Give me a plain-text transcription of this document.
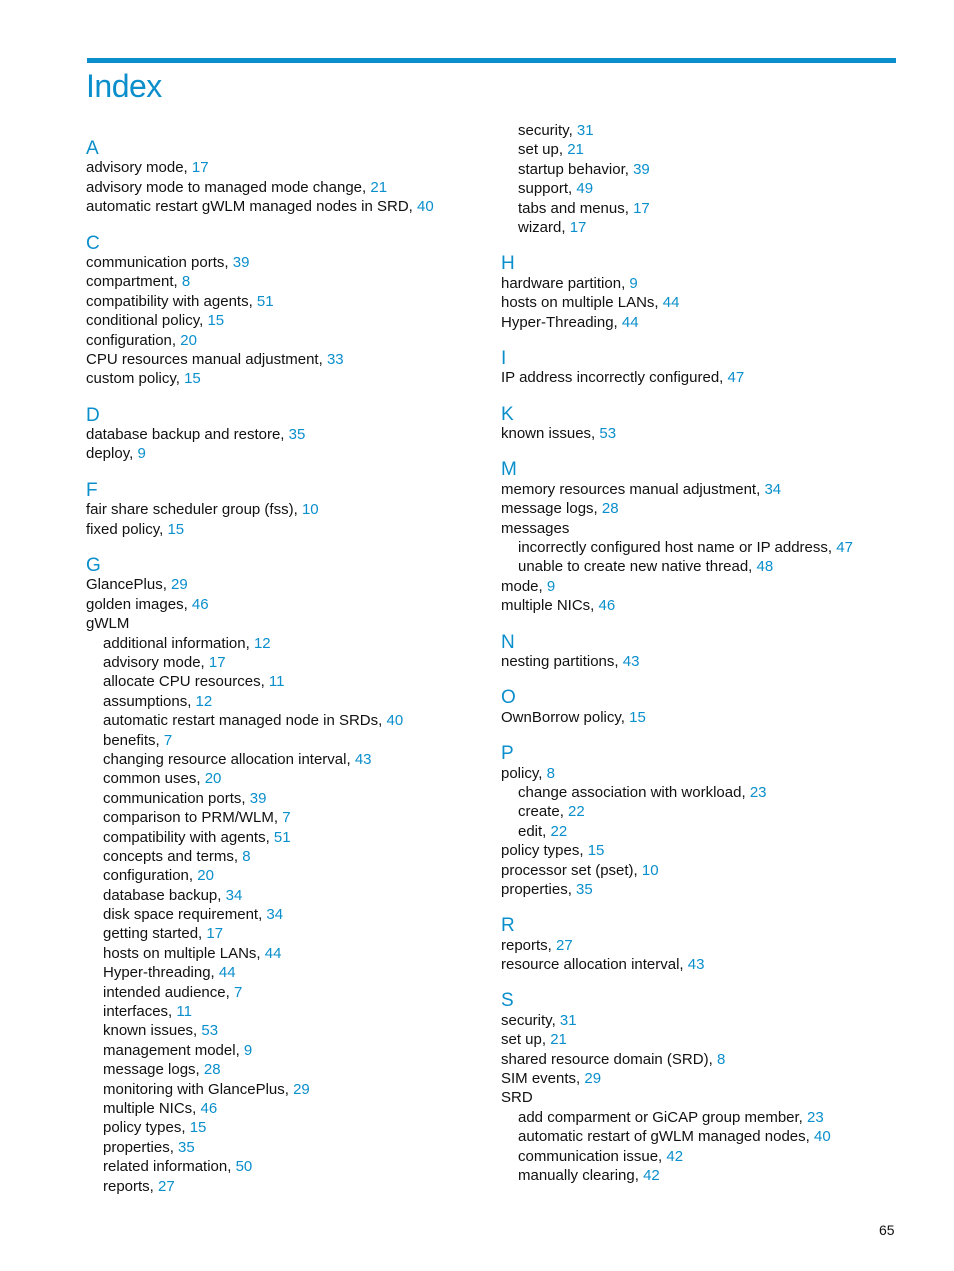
Index
A
advisory mode, 17
advisory mode to managed mode change, 21
automatic restart gWLM managed nodes in SRD, 40
C
communication ports, 39
compartment, 8
compatibility with agents, 51
conditional policy, 15
configuration, 20
CPU resources manual adjustment, 33
custom policy, 15
D
database backup and restore, 35
deploy, 9
F
fair share scheduler group (fss), 10
fixed policy, 15
G
GlancePlus, 29
golden images, 46
gWLM
additional information, 12
advisory mode, 17
allocate CPU resources, 11
assumptions, 12
automatic restart managed node in SRDs, 40
benefits, 7
changing resource allocation interval, 43
common uses, 20
communication ports, 39
comparison to PRM/WLM, 7
compatibility with agents, 51
concepts and terms, 8
configuration, 20
database backup, 34
disk space requirement, 34
getting started, 17
hosts on multiple LANs, 44
Hyper-threading, 44
intended audience, 7
interfaces, 11
known issues, 53
management model, 9
message logs, 28
monitoring with GlancePlus, 29
multiple NICs, 46
policy types, 15
properties, 35
related information, 50
reports, 27
security, 31
set up, 21
startup behavior, 39
support, 49
tabs and menus, 17
wizard, 17
H
hardware partition, 9
hosts on multiple LANs, 44
Hyper-Threading, 44
I
IP address incorrectly configured, 47
K
known issues, 53
M
memory resources manual adjustment, 34
message logs, 28
messages
incorrectly configured host name or IP address, 47
unable to create new native thread, 48
mode, 9
multiple NICs, 46
N
nesting partitions, 43
O
OwnBorrow policy, 15
P
policy, 8
change association with workload, 23
create, 22
edit, 22
policy types, 15
processor set (pset), 10
properties, 35
R
reports, 27
resource allocation interval, 43
S
security, 31
set up, 21
shared resource domain (SRD), 8
SIM events, 29
SRD
add comparment or GiCAP group member, 23
automatic restart of gWLM managed nodes, 40
communication issue, 42
manually clearing, 42
65
